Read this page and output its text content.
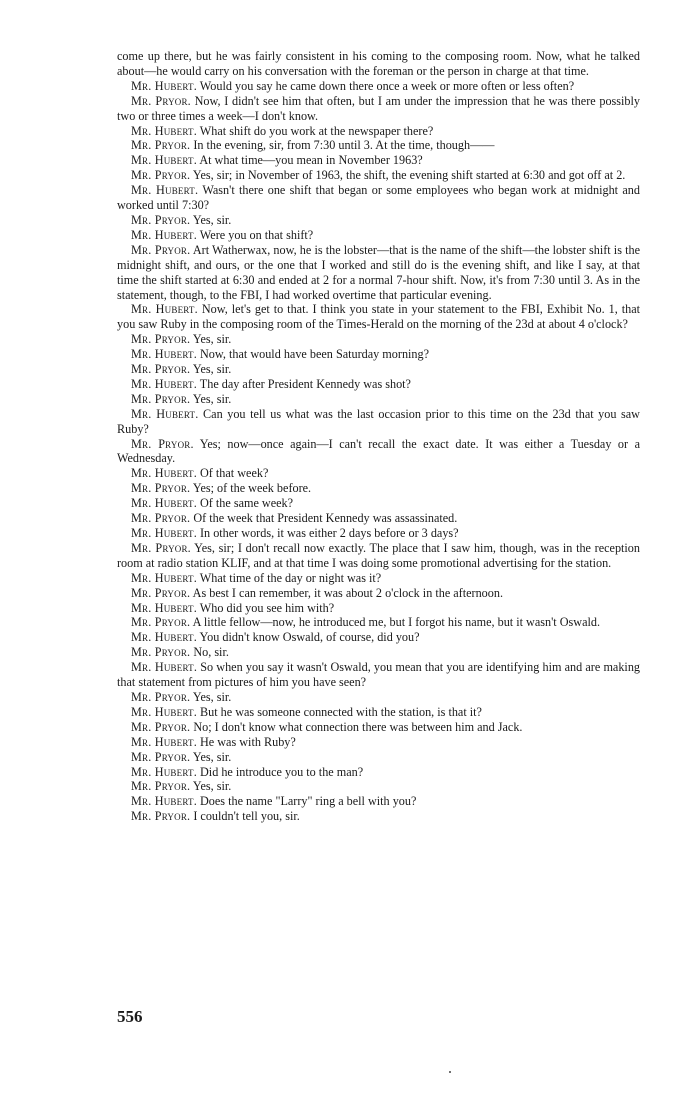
come up there, but he was fairly consistent in his coming to the composing room. Now, what he talked about—he would carry on his conversation with the foreman or the person in charge at that time.

Mr. Hubert. Would you say he came down there once a week or more often or less often?

Mr. Pryor. Now, I didn't see him that often, but I am under the impression that he was there possibly two or three times a week—I don't know.

Mr. Hubert. What shift do you work at the newspaper there?

Mr. Pryor. In the evening, sir, from 7:30 until 3. At the time, though——

Mr. Hubert. At what time—you mean in November 1963?

Mr. Pryor. Yes, sir; in November of 1963, the shift, the evening shift started at 6:30 and got off at 2.

Mr. Hubert. Wasn't there one shift that began or some employees who began work at midnight and worked until 7:30?

Mr. Pryor. Yes, sir.

Mr. Hubert. Were you on that shift?

Mr. Pryor. Art Watherwax, now, he is the lobster—that is the name of the shift—the lobster shift is the midnight shift, and ours, or the one that I worked and still do is the evening shift, and like I say, at that time the shift started at 6:30 and ended at 2 for a normal 7-hour shift. Now, it's from 7:30 until 3. As in the statement, though, to the FBI, I had worked overtime that particular evening.

Mr. Hubert. Now, let's get to that. I think you state in your statement to the FBI, Exhibit No. 1, that you saw Ruby in the composing room of the Times-Herald on the morning of the 23d at about 4 o'clock?

Mr. Pryor. Yes, sir.

Mr. Hubert. Now, that would have been Saturday morning?

Mr. Pryor. Yes, sir.

Mr. Hubert. The day after President Kennedy was shot?

Mr. Pryor. Yes, sir.

Mr. Hubert. Can you tell us what was the last occasion prior to this time on the 23d that you saw Ruby?

Mr. Pryor. Yes; now—once again—I can't recall the exact date. It was either a Tuesday or a Wednesday.

Mr. Hubert. Of that week?

Mr. Pryor. Yes; of the week before.

Mr. Hubert. Of the same week?

Mr. Pryor. Of the week that President Kennedy was assassinated.

Mr. Hubert. In other words, it was either 2 days before or 3 days?

Mr. Pryor. Yes, sir; I don't recall now exactly. The place that I saw him, though, was in the reception room at radio station KLIF, and at that time I was doing some promotional advertising for the station.

Mr. Hubert. What time of the day or night was it?

Mr. Pryor. As best I can remember, it was about 2 o'clock in the afternoon.

Mr. Hubert. Who did you see him with?

Mr. Pryor. A little fellow—now, he introduced me, but I forgot his name, but it wasn't Oswald.

Mr. Hubert. You didn't know Oswald, of course, did you?

Mr. Pryor. No, sir.

Mr. Hubert. So when you say it wasn't Oswald, you mean that you are identifying him and are making that statement from pictures of him you have seen?

Mr. Pryor. Yes, sir.

Mr. Hubert. But he was someone connected with the station, is that it?

Mr. Pryor. No; I don't know what connection there was between him and Jack.

Mr. Hubert. He was with Ruby?

Mr. Pryor. Yes, sir.

Mr. Hubert. Did he introduce you to the man?

Mr. Pryor. Yes, sir.

Mr. Hubert. Does the name "Larry" ring a bell with you?

Mr. Pryor. I couldn't tell you, sir.

556
